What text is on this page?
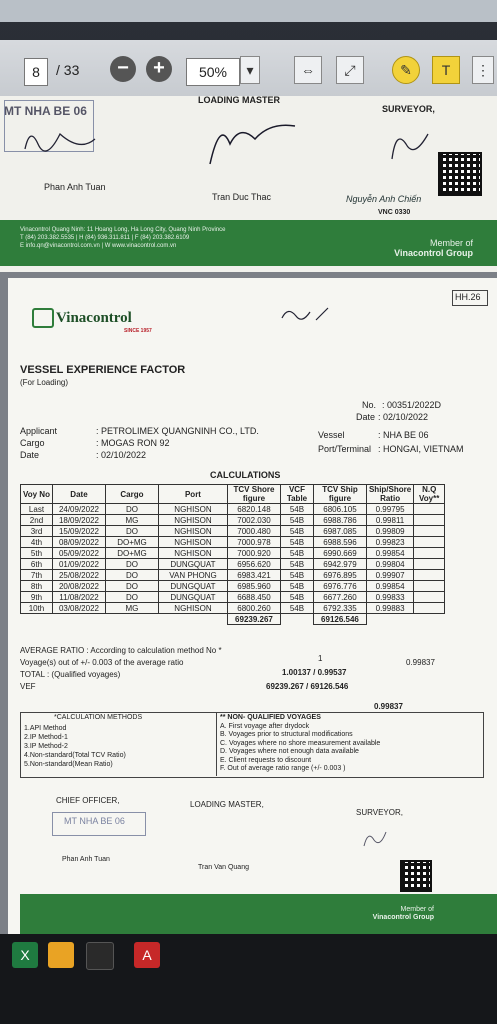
8	/ 33	−	+	50%	▾	⇔	⤢	✎	T	⋮
MT NHA BE 06
Phan Anh Tuan
LOADING MASTER
Tran Duc Thac
SURVEYOR,
Nguyễn Anh Chiến
VNC 0330
Vinacontrol Quang Ninh: 11 Hoang Long, Ha Long City, Quang Ninh Province
T (84) 203.382.5535 | H (84) 936.311.811 | F (84) 203.382.6109
E info.qn@vinacontrol.com.vn | W www.vinacontrol.com.vn	Member of
Vinacontrol Group
HH.26
Vinacontrol
SINCE 1957
VESSEL EXPERIENCE FACTOR
(For Loading)
No. : 00351/2022D
Date : 02/10/2022
Applicant	: PETROLIMEX QUANGNINH CO., LTD.
Cargo	: MOGAS RON 92
Date	: 02/10/2022
Vessel	: NHA BE 06
Port/Terminal : HONGAI, VIETNAM
CALCULATIONS
Voy No	Date	Cargo	Port	TCV Shore figure	VCF Table	TCV Ship figure	Ship/Shore Ratio	N.Q Voy**
Last	24/09/2022	DO	NGHISON	6820.148	54B	6806.105	0.99795	
2nd	18/09/2022	MG	NGHISON	7002.030	54B	6988.786	0.99811	
3rd	15/09/2022	DO	NGHISON	7000.480	54B	6987.085	0.99809	
4th	08/09/2022	DO+MG	NGHISON	7000.978	54B	6988.596	0.99823	
5th	05/09/2022	DO+MG	NGHISON	7000.920	54B	6990.669	0.99854	
6th	01/09/2022	DO	DUNGQUAT	6956.620	54B	6942.979	0.99804	
7th	25/08/2022	DO	VAN PHONG	6983.421	54B	6976.895	0.99907	
8th	20/08/2022	DO	DUNGQUAT	6985.960	54B	6976.776	0.99854	
9th	11/08/2022	DO	DUNGQUAT	6688.450	54B	6677.260	0.99833	
10th	03/08/2022	MG	NGHISON	6800.260	54B	6792.335	0.99883	
				69239.267		69126.546		
AVERAGE RATIO : According to calculation method No *
1	0.99837
Voyage(s) out of +/- 0.003 of the average ratio
1.00137 / 0.99537
TOTAL : (Qualified voyages)
69239.267 / 69126.546
VEF
0.99837
*CALCULATION METHODS
1.API Method
2.IP Method-1
3.IP Method-2
4.Non-standard(Total TCV Ratio)
5.Non-standard(Mean Ratio)
** NON- QUALIFIED VOYAGES
A. First voyage after drydock
B. Voyages prior to structural modifications
C. Voyages where no shore measurement available
D. Voyages where not enough data available
E. Client requests to discount
F. Out of average ratio range (+/- 0.003 )
CHIEF OFFICER,
MT NHA BE 06
Phan Anh Tuan
LOADING MASTER,
Tran Van Quang
SURVEYOR,
Member of
Vinacontrol Group
X	A
